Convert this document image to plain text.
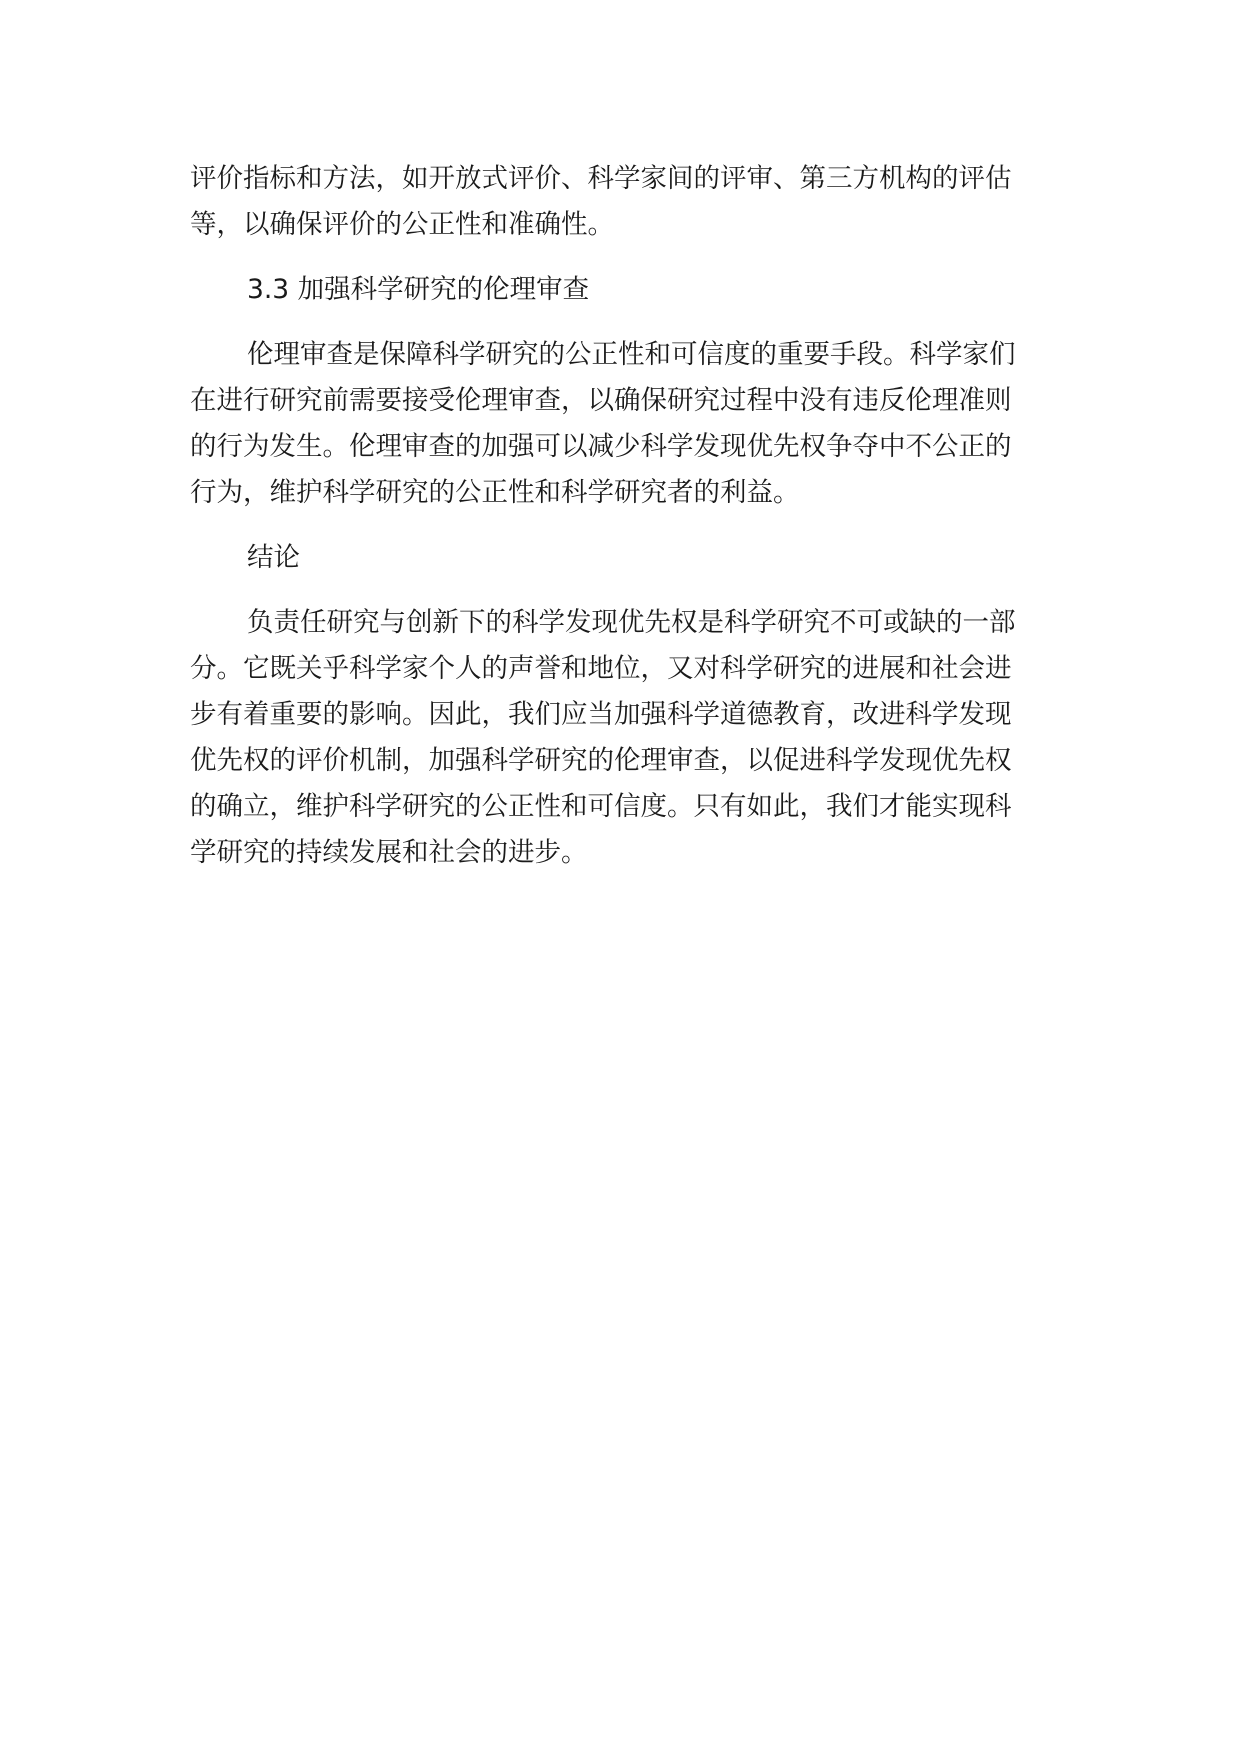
评价指标和方法，如开放式评价、科学家间的评审、第三方机构的评估
等，以确保评价的公正性和准确性。
3.3 加强科学研究的伦理审查
伦理审查是保障科学研究的公正性和可信度的重要手段。科学家们
在进行研究前需要接受伦理审查，以确保研究过程中没有违反伦理准则
的行为发生。伦理审查的加强可以减少科学发现优先权争夺中不公正的
行为，维护科学研究的公正性和科学研究者的利益。
结论
负责任研究与创新下的科学发现优先权是科学研究不可或缺的一部
分。它既关乎科学家个人的声誉和地位，又对科学研究的进展和社会进
步有着重要的影响。因此，我们应当加强科学道德教育，改进科学发现
优先权的评价机制，加强科学研究的伦理审查，以促进科学发现优先权
的确立，维护科学研究的公正性和可信度。只有如此，我们才能实现科
学研究的持续发展和社会的进步。
